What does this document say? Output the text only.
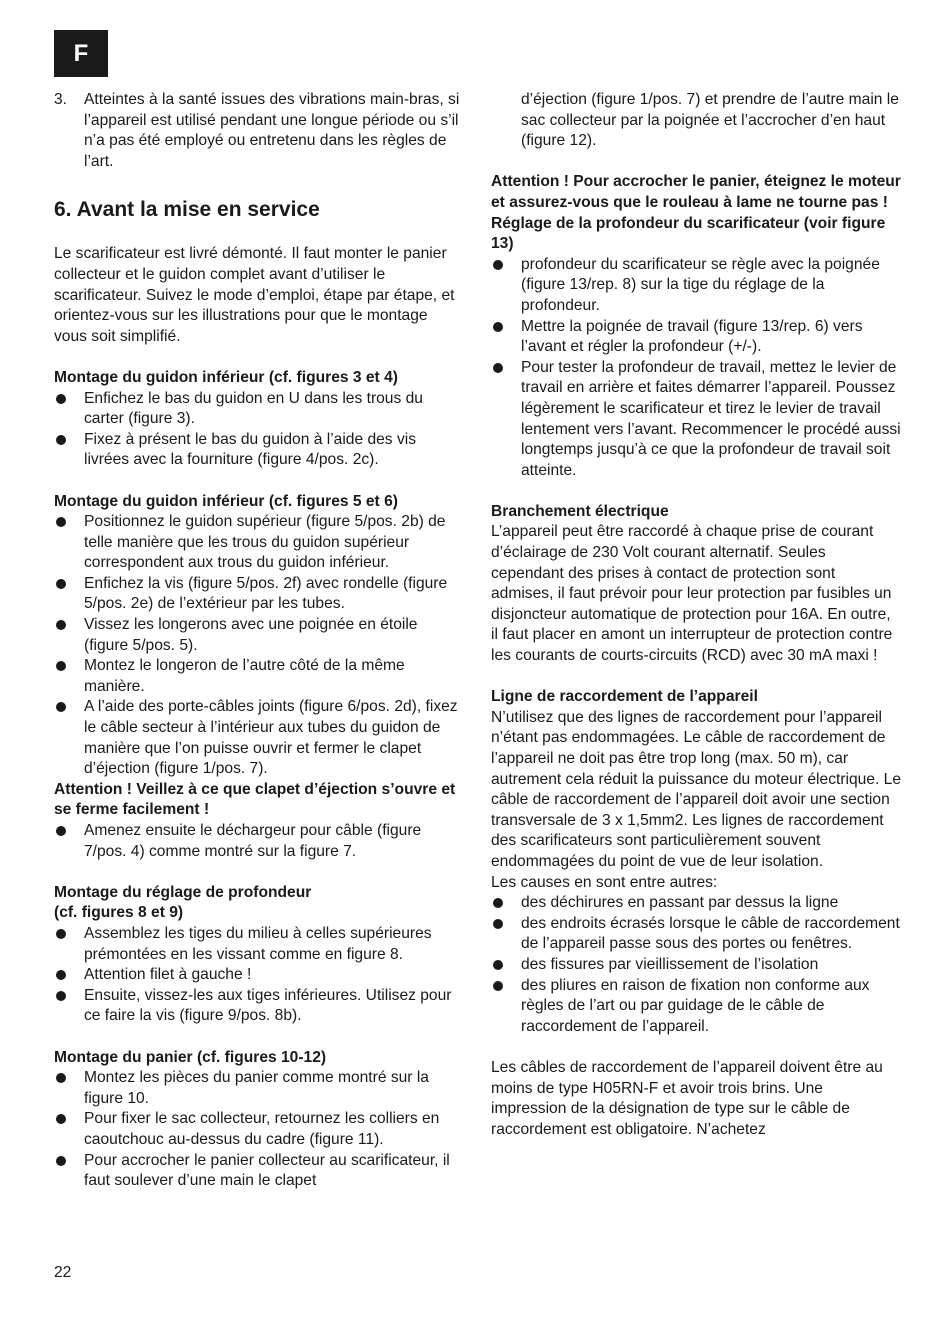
F
3. Atteintes à la santé issues des vibrations main-bras, si l’appareil est utilisé pendant une longue période ou s’il n’a pas été employé ou entretenu dans les règles de l’art.
6. Avant la mise en service

Le scarificateur est livré démonté. Il faut monter le panier collecteur et le guidon complet avant d’utiliser le scarificateur. Suivez le mode d’emploi, étape par étape, et orientez-vous sur les illustrations pour que le montage vous soit simplifié.

Montage du guidon inférieur (cf. figures 3 et 4)

Enfichez le bas du guidon en U dans les trous du carter (figure 3).
Fixez à présent le bas du guidon à l’aide des vis livrées avec la fourniture (figure 4/pos. 2c).

Montage du guidon inférieur (cf. figures 5 et 6)

Positionnez le guidon supérieur (figure 5/pos. 2b) de telle manière que les trous du guidon supérieur correspondent aux trous du guidon inférieur.
Enfichez la vis (figure 5/pos. 2f) avec rondelle (figure 5/pos. 2e) de l’extérieur par les tubes.
Vissez les longerons avec une poignée en étoile (figure 5/pos. 5).
Montez le longeron de l’autre côté de la même manière.
A l’aide des porte-câbles joints (figure 6/pos. 2d), fixez le câble secteur à l’intérieur aux tubes du guidon de manière que l’on puisse ouvrir et fermer le clapet d’éjection (figure 1/pos. 7).

Attention ! Veillez à ce que clapet d’éjection s’ouvre et se ferme facilement !

Amenez ensuite le déchargeur pour câble (figure 7/pos. 4) comme montré sur la figure 7.

Montage du réglage de profondeur

(cf. figures 8 et 9)

Assemblez les tiges du milieu à celles supérieures prémontées en les vissant comme en figure 8.
Attention filet à gauche !
Ensuite, vissez-les aux tiges inférieures. Utilisez pour ce faire la vis (figure 9/pos. 8b).

Montage du panier (cf. figures 10-12)

Montez les pièces du panier comme montré sur la figure 10.
Pour fixer le sac collecteur, retournez les colliers en caoutchouc au-dessus du cadre (figure 11).
Pour accrocher le panier collecteur au scarificateur, il faut soulever d’une main le clapet

d’éjection (figure 1/pos. 7) et prendre de l’autre main le sac collecteur par la poignée et l’accrocher d’en haut (figure 12).

Attention ! Pour accrocher le panier, éteignez le moteur et assurez-vous que le rouleau à lame ne tourne pas !

Réglage de la profondeur du scarificateur (voir figure 13)

profondeur du scarificateur se règle avec la poignée (figure 13/rep. 8) sur la tige du réglage de la profondeur.
Mettre la poignée de travail (figure 13/rep. 6) vers l’avant et régler la profondeur (+/-).
Pour tester la profondeur de travail, mettez le levier de travail en arrière et faites démarrer l’appareil. Poussez légèrement le scarificateur et tirez le levier de travail lentement vers l’avant. Recommencer le procédé aussi longtemps jusqu’à ce que la profondeur de travail soit atteinte.

Branchement électrique

L’appareil peut être raccordé à chaque prise de courant d’éclairage de 230 Volt courant alternatif. Seules cependant des prises à contact de protection sont admises, il faut prévoir pour leur protection par fusibles un disjoncteur automatique de protection pour 16A. En outre, il faut placer en amont un interrupteur de protection contre les courants de courts-circuits (RCD) avec 30 mA maxi !

Ligne de raccordement de l’appareil

N’utilisez que des lignes de raccordement pour l’appareil n’étant pas endommagées. Le câble de raccordement de l’appareil ne doit pas être trop long (max. 50 m), car autrement cela réduit la puissance du moteur électrique. Le câble de raccordement de l’appareil doit avoir une section transversale de 3 x 1,5mm2. Les lignes de raccordement des scarificateurs sont particulièrement souvent endommagées du point de vue de leur isolation.

Les causes en sont entre autres:

des déchirures en passant par dessus la ligne
des endroits écrasés lorsque le câble de raccordement de l’appareil passe sous des portes ou fenêtres.
des fissures par vieillissement de l’isolation
des pliures en raison de fixation non conforme aux règles de l’art ou par guidage de le câble de raccordement de l’appareil.

Les câbles de raccordement de l’appareil doivent être au moins de type H05RN-F et avoir trois brins. Une impression de la désignation de type sur le câble de raccordement est obligatoire. N’achetez

22
